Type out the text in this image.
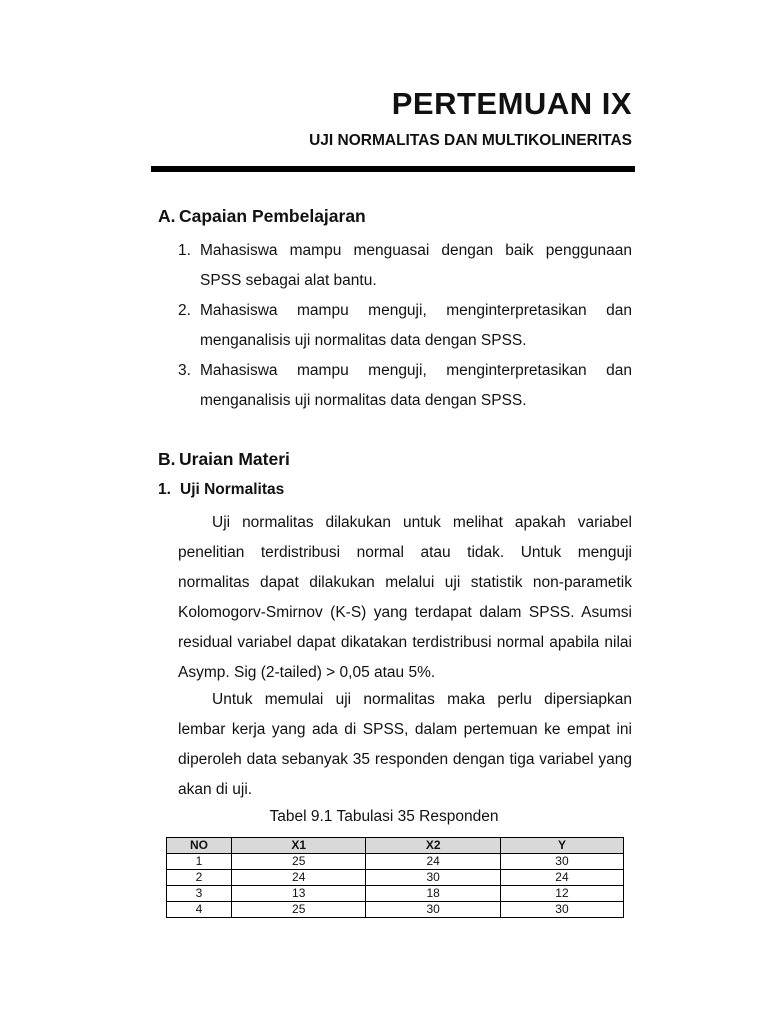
PERTEMUAN IX
UJI NORMALITAS DAN MULTIKOLINERITAS
A. Capaian Pembelajaran
1. Mahasiswa mampu menguasai dengan baik penggunaan SPSS sebagai alat bantu.
2. Mahasiswa mampu menguji, menginterpretasikan dan menganalisis uji normalitas data dengan SPSS.
3. Mahasiswa mampu menguji, menginterpretasikan dan menganalisis uji normalitas data dengan SPSS.
B. Uraian Materi
1. Uji Normalitas

Uji normalitas dilakukan untuk melihat apakah variabel penelitian terdistribusi normal atau tidak. Untuk menguji normalitas dapat dilakukan melalui uji statistik non-parametik Kolomogorv-Smirnov (K-S) yang terdapat dalam SPSS. Asumsi residual variabel dapat dikatakan terdistribusi normal apabila nilai Asymp. Sig (2-tailed) > 0,05 atau 5%.

Untuk memulai uji normalitas maka perlu dipersiapkan lembar kerja yang ada di SPSS, dalam pertemuan ke empat ini diperoleh data sebanyak 35 responden dengan tiga variabel yang akan di uji.

Tabel 9.1 Tabulasi 35 Responden
NO	X1	X2	Y
1	25	24	30
2	24	30	24
3	13	18	12
4	25	30	30
